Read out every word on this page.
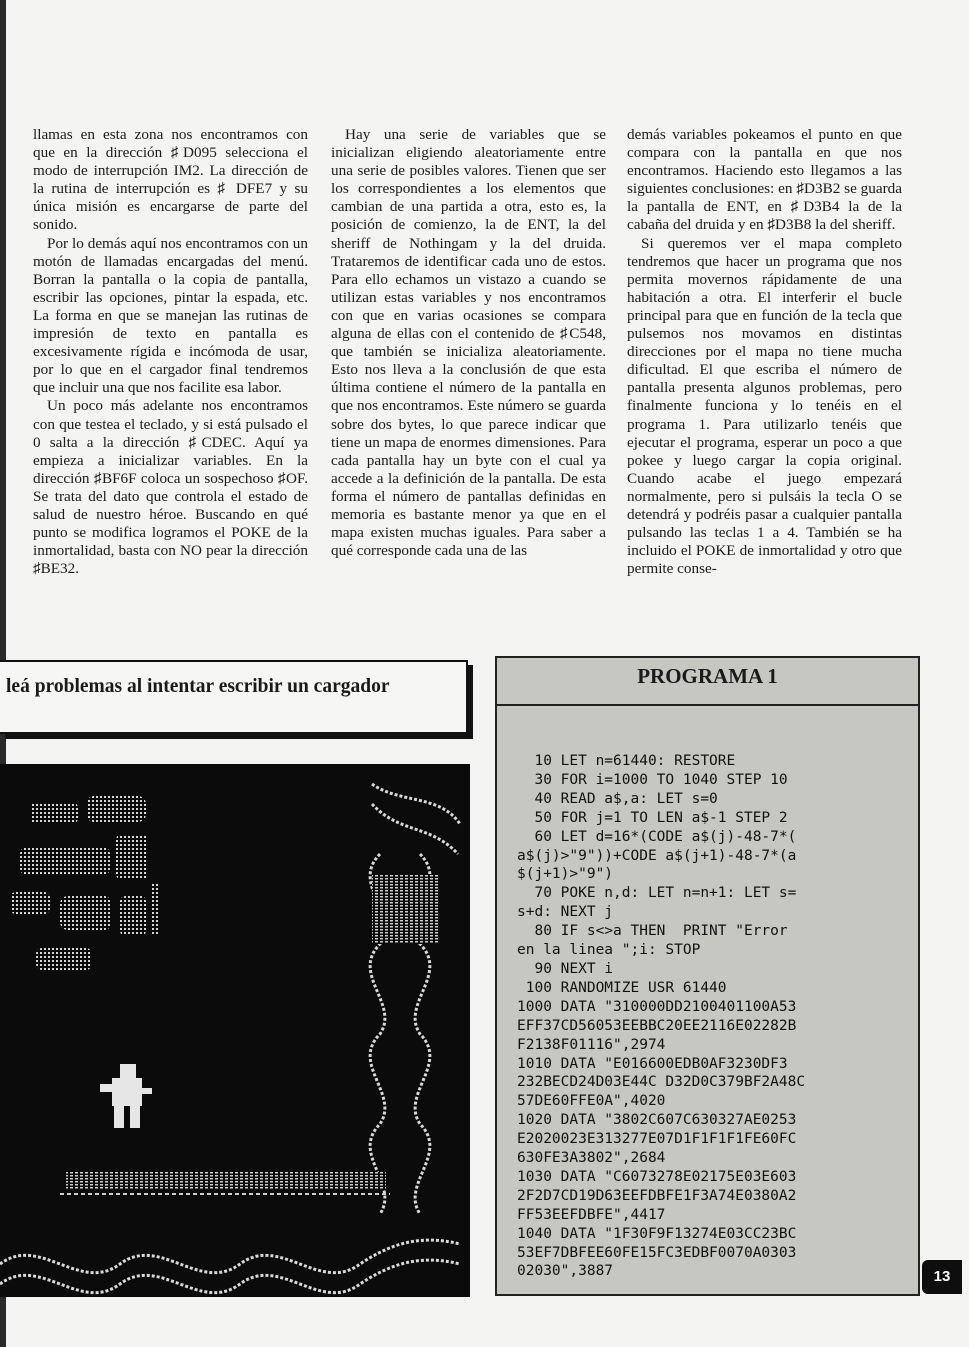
llamas en esta zona nos encontramos con que en la dirección ♯D095 selecciona el modo de interrupción IM2. La dirección de la rutina de interrupción es ♯ DFE7 y su única misión es encargarse de parte del sonido.

Por lo demás aquí nos encontramos con un motón de llamadas encargadas del menú. Borran la pantalla o la copia de pantalla, escribir las opciones, pintar la espada, etc. La forma en que se manejan las rutinas de impresión de texto en pantalla es excesivamente rígida e incómoda de usar, por lo que en el cargador final tendremos que incluir una que nos facilite esa labor.

Un poco más adelante nos encontramos con que testea el teclado, y si está pulsado el 0 salta a la dirección ♯CDEC. Aquí ya empieza a inicializar variables. En la dirección ♯BF6F coloca un sospechoso ♯OF. Se trata del dato que controla el estado de salud de nuestro héroe. Buscando en qué punto se modifica logramos el POKE de la inmortalidad, basta con NO pear la dirección ♯BE32.

Hay una serie de variables que se inicializan eligiendo aleatoriamente entre una serie de posibles valores. Tienen que ser los correspondientes a los elementos que cambian de una partida a otra, esto es, la posición de comienzo, la de ENT, la del sheriff de Nothingam y la del druida. Trataremos de identificar cada uno de estos. Para ello echamos un vistazo a cuando se utilizan estas variables y nos encontramos con que en varias ocasiones se compara alguna de ellas con el contenido de ♯C548, que también se inicializa aleatoriamente. Esto nos lleva a la conclusión de que esta última contiene el número de la pantalla en que nos encontramos. Este número se guarda sobre dos bytes, lo que parece indicar que tiene un mapa de enormes dimensiones. Para cada pantalla hay un byte con el cual ya accede a la definición de la pantalla. De esta forma el número de pantallas definidas en memoria es bastante menor ya que en el mapa existen muchas iguales. Para saber a qué corresponde cada una de las

demás variables pokeamos el punto en que compara con la pantalla en que nos encontramos. Haciendo esto llegamos a las siguientes conclusiones: en ♯D3B2 se guarda la pantalla de ENT, en ♯D3B4 la de la cabaña del druida y en ♯D3B8 la del sheriff.

Si queremos ver el mapa completo tendremos que hacer un programa que nos permita movernos rápidamente de una habitación a otra. El interferir el bucle principal para que en función de la tecla que pulsemos nos movamos en distintas direcciones por el mapa no tiene mucha dificultad. El que escriba el número de pantalla presenta algunos problemas, pero finalmente funciona y lo tenéis en el programa 1. Para utilizarlo tenéis que ejecutar el programa, esperar un poco a que pokee y luego cargar la copia original. Cuando acabe el juego empezará normalmente, pero si pulsáis la tecla O se detendrá y podréis pasar a cualquier pantalla pulsando las teclas 1 a 4. También se ha incluido el POKE de inmortalidad y otro que permite conse-

leá problemas al intentar escribir un cargador	PROGRAMA 1
10 LET n=61440: RESTORE
30 FOR i=1000 TO 1040 STEP 10
40 READ a$,a: LET s=0
50 FOR j=1 TO LEN a$-1 STEP 2
60 LET d=16*(CODE a$(j)-48-7*(
a$(j)>"9"))+CODE a$(j+1)-48-7*(a
$(j+1)>"9")
70 POKE n,d: LET n=n+1: LET s=
s+d: NEXT j
80 IF s<>a THEN  PRINT "Error
en la linea ";i: STOP
90 NEXT i
100 RANDOMIZE USR 61440
1000 DATA "310000DD2100401100A53
EFF37CD56053EEBBC20EE2116E02282B
F2138F01116",2974
1010 DATA "E016600EDB0AF3230DF3
232BECD24D03E44C D32D0C379BF2A48C
57DE60FFE0A",4020
1020 DATA "3802C607C630327AE0253
E2020023E313277E07D1F1F1F1FE60FC
630FE3A3802",2684
1030 DATA "C6073278E02175E03E603
2F2D7CD19D63EEFDBFE1F3A74E0380A2
FF53EEFDBFE",4417
1040 DATA "1F30F9F13274E03CC23BC
53EF7DBFEE60FE15FC3EDBF0070A0303
02030",3887	13
